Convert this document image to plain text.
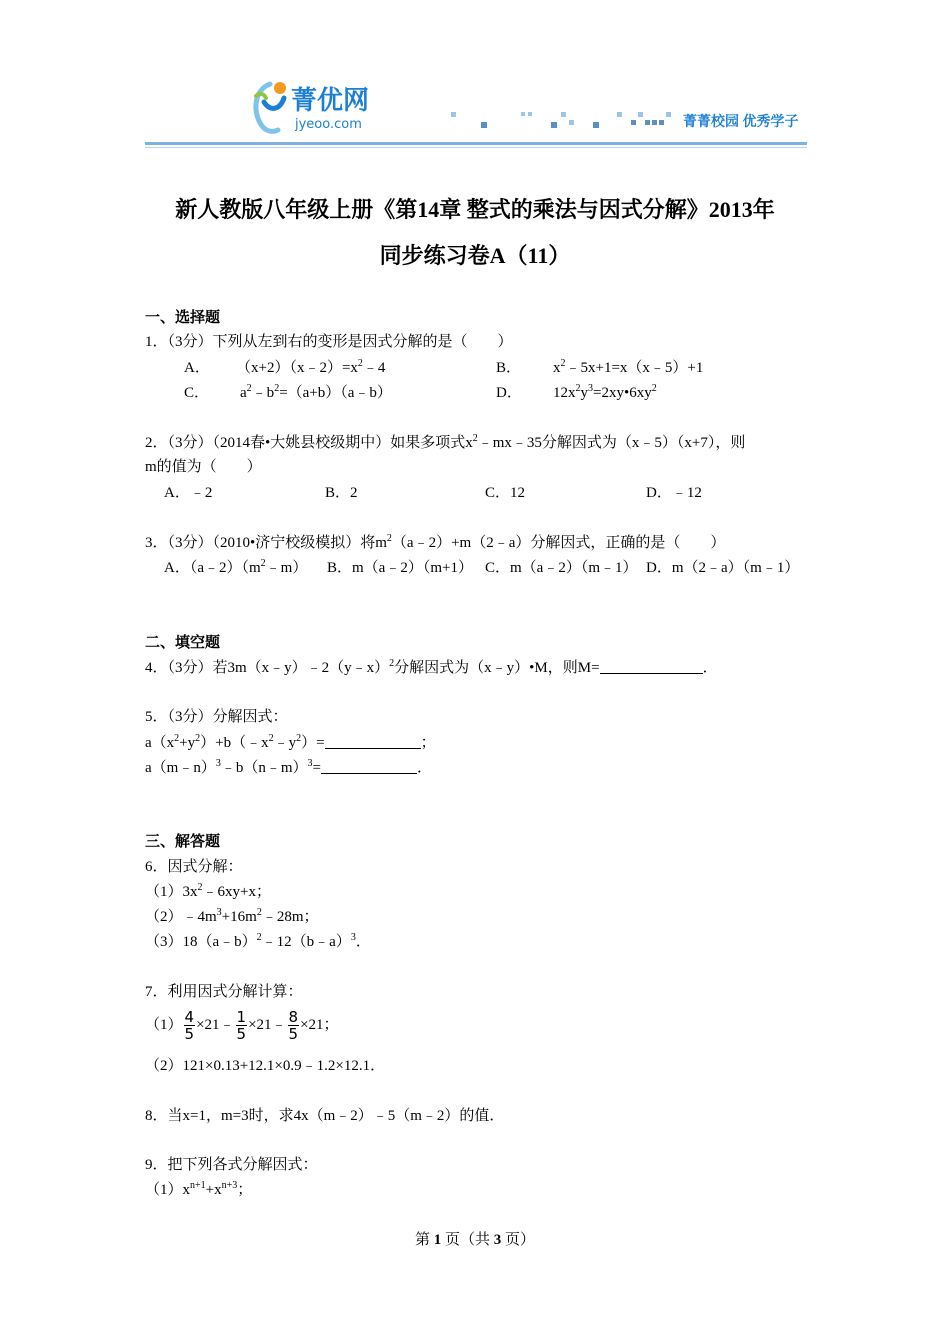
菁优网
jyeoo.com	菁菁校园 优秀学子
新人教版八年级上册《第14章 整式的乘法与因式分解》2013年
同步练习卷A（11）
一、选择题
1．（3分）下列从左到右的变形是因式分解的是（　　）
A． $(x+2)(x﹣2)=x^2﹣4$	B． $x^2﹣5x+1=x(x﹣5)+1$
C． $a^2﹣b^2=(a+b)(a﹣b)$	D． $12x^2y^3=2xy•6xy^2$
2．（3分）（2014春•大姚县校级期中）如果多项式$x^2﹣mx﹣35$分解因式为（x﹣5）（x+7），则
m的值为（　　）
A．﹣2	B．2	C．12	D．﹣12
3．（3分）（2010•济宁校级模拟）将$m^2(a﹣2)+m(2﹣a)$分解因式，正确的是（　　）
A．$(a﹣2)(m^2﹣m)$ B．m（a﹣2）（m+1） C．m（a﹣2）（m﹣1） D．m（2﹣a）（m﹣1）
二、填空题
4．（3分）若3m（x﹣y）﹣2（y﹣x）$^2$分解因式为（x﹣y）•M，则M=	．
5．（3分）分解因式：
$a(x^2+y^2)+b(﹣x^2﹣y^2)=$	；
a（m﹣n）$^3$﹣b（n﹣m）$^3$=	．
三、解答题
6．因式分解：
$(1)3x^2﹣6xy+x$；
$(2)﹣4m^3+16m^2﹣28m$；
（3）18（a﹣b）$^2$﹣12（b﹣a）$^3$．
7．利用因式分解计算：
$(1) \frac{4}{5}$ ×21﹣ $\frac{1}{5}$ ×21﹣ $\frac{8}{5} \times 21$；
（2）121×0.13+12.1×0.9﹣1.2×12.1．
8．当x=1，m=3时，求4x（m﹣2）﹣5（m﹣2）的值．
9．把下列各式分解因式：
$(1)x^{n+1}+x^{n+3}$；
第 1 页（共 3 页）
